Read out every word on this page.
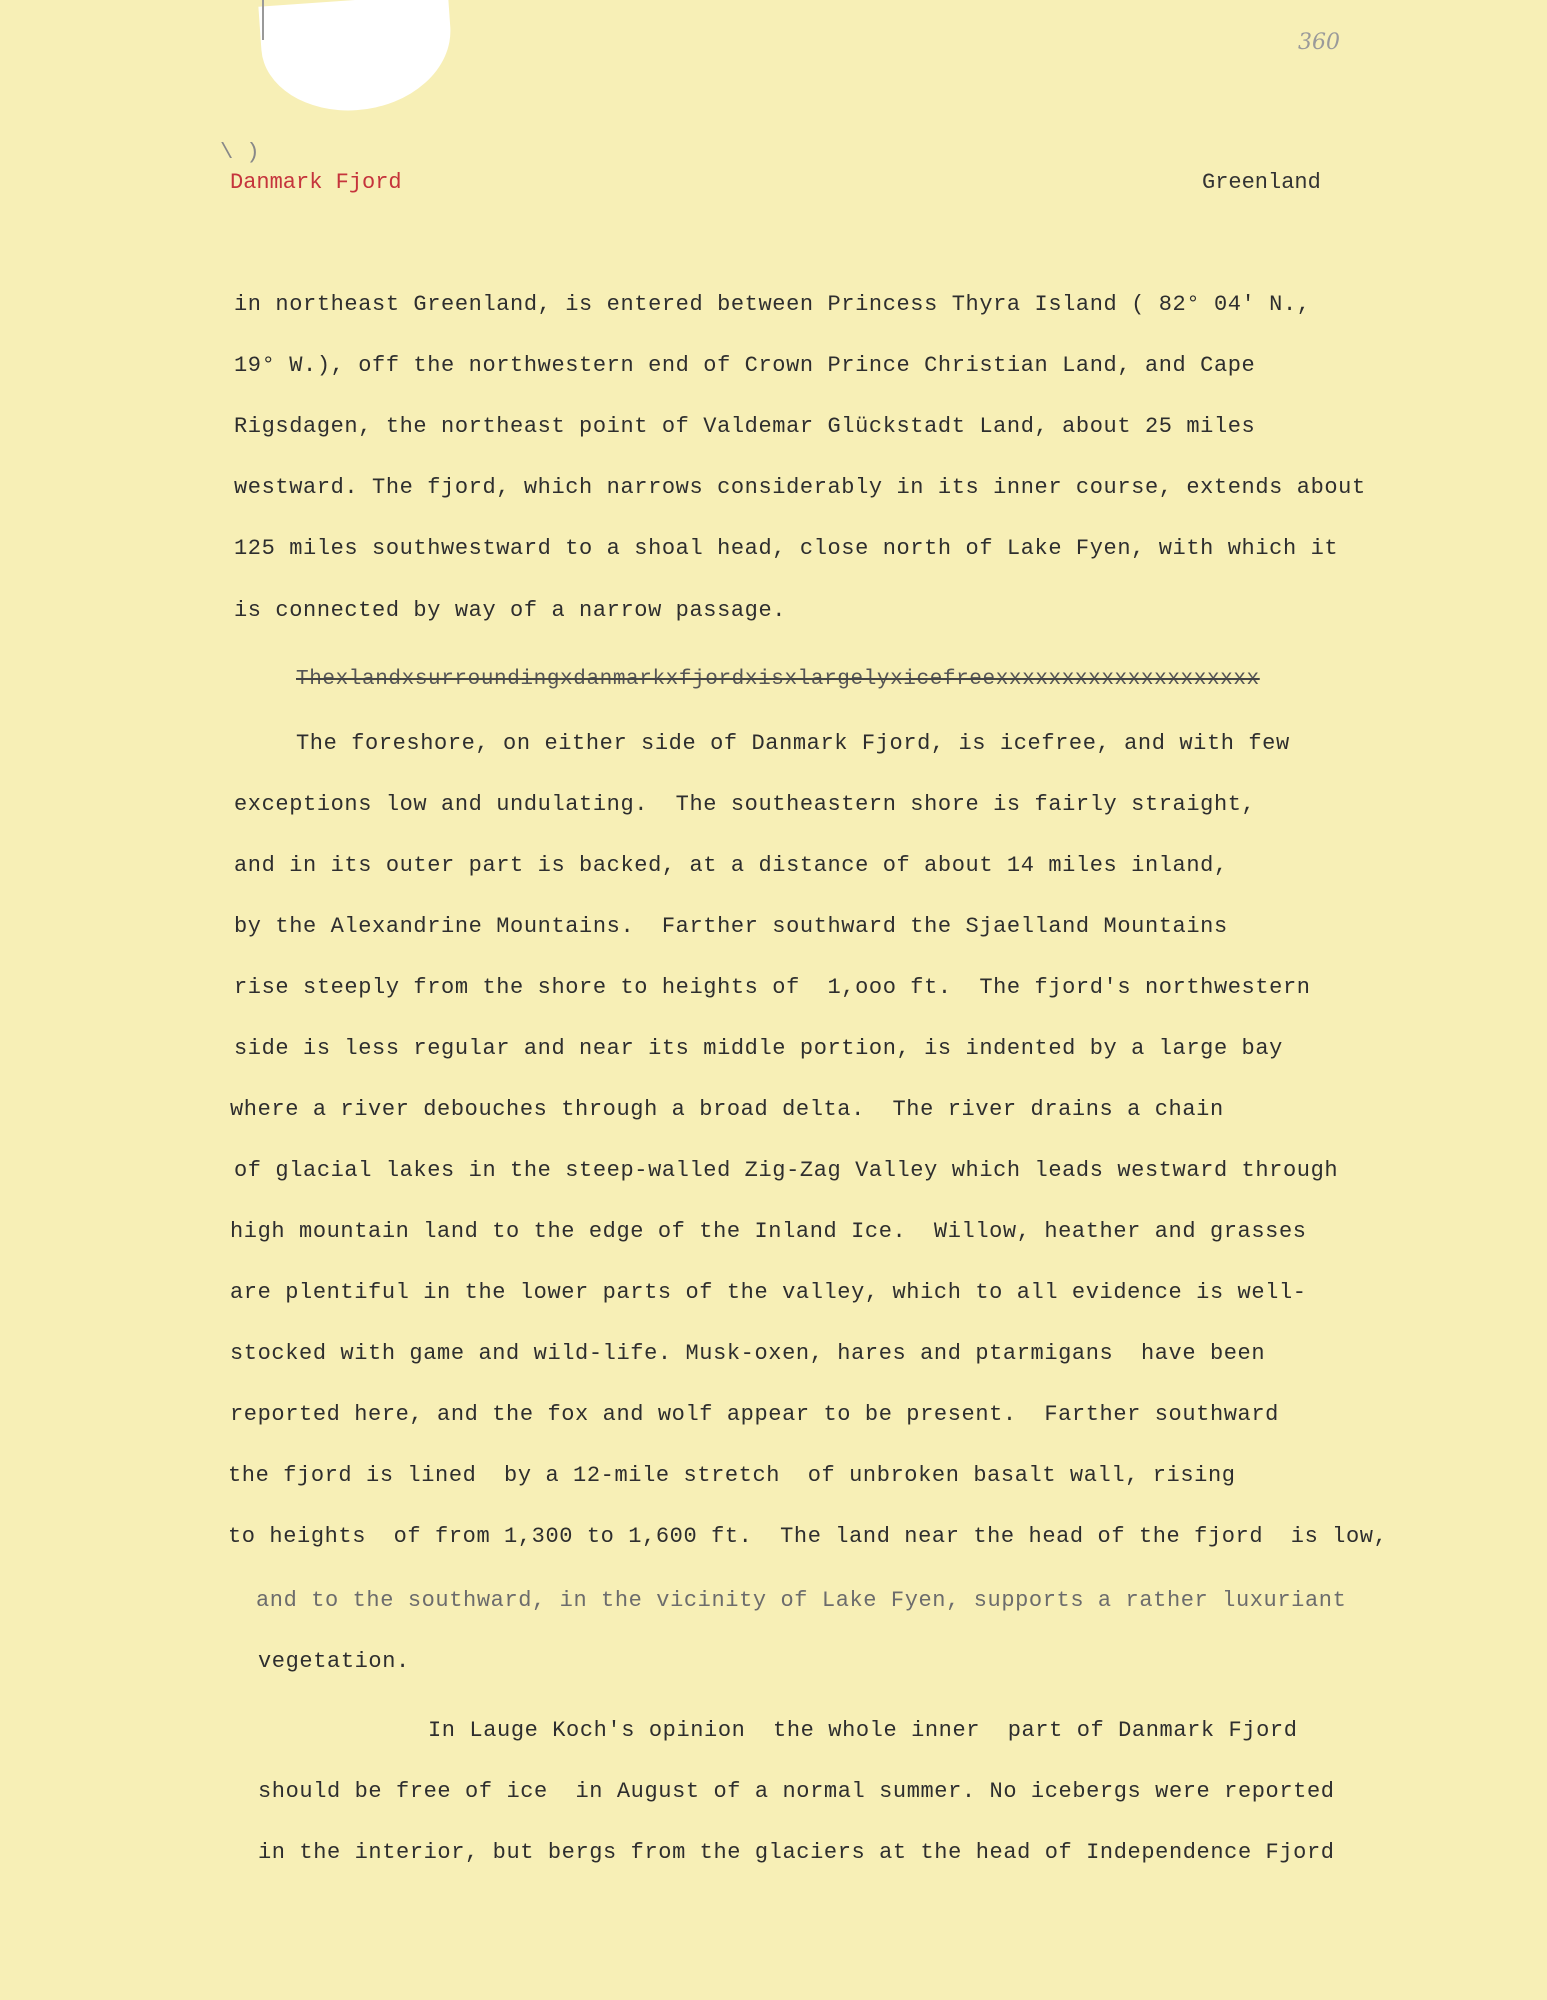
360
\ )
Danmark Fjord	Greenland
in northeast Greenland, is entered between Princess Thyra Island ( 82° 04' N.,
19° W.), off the northwestern end of Crown Prince Christian Land, and Cape
Rigsdagen, the northeast point of Valdemar Glückstadt Land, about 25 miles
westward. The fjord, which narrows considerably in its inner course, extends about
125 miles southwestward to a shoal head, close north of Lake Fyen, with which it
is connected by way of a narrow passage.
Thexlandxsurroundingxdanmarkxfjordxisxlargelyxicefreexxxxxxxxxxxxxxxxxxxx
The foreshore, on either side of Danmark Fjord, is icefree, and with few
exceptions low and undulating.  The southeastern shore is fairly straight,
and in its outer part is backed, at a distance of about 14 miles inland,
by the Alexandrine Mountains.  Farther southward the Sjaelland Mountains
rise steeply from the shore to heights of  1,ooo ft.  The fjord's northwestern
side is less regular and near its middle portion, is indented by a large bay
where a river debouches through a broad delta.  The river drains a chain
of glacial lakes in the steep-walled Zig-Zag Valley which leads westward through
high mountain land to the edge of the Inland Ice.  Willow, heather and grasses
are plentiful in the lower parts of the valley, which to all evidence is well-
stocked with game and wild-life. Musk-oxen, hares and ptarmigans  have been
reported here, and the fox and wolf appear to be present.  Farther southward
the fjord is lined  by a 12-mile stretch  of unbroken basalt wall, rising
to heights  of from 1,300 to 1,600 ft.  The land near the head of the fjord  is low,
and to the southward, in the vicinity of Lake Fyen, supports a rather luxuriant
vegetation.
In Lauge Koch's opinion  the whole inner  part of Danmark Fjord
should be free of ice  in August of a normal summer. No icebergs were reported
in the interior, but bergs from the glaciers at the head of Independence Fjord
